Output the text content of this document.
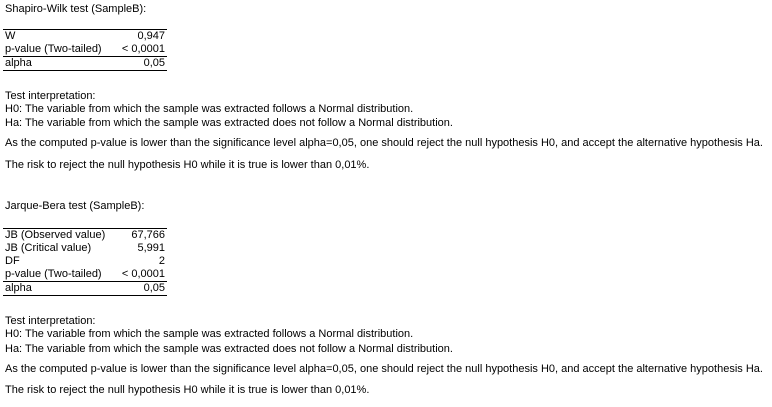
Shapiro-Wilk test (SampleB):
W	0,947
p-value (Two-tailed) < 0,0001
alpha	0,05
Test interpretation:
H0: The variable from which the sample was extracted follows a Normal distribution.
Ha: The variable from which the sample was extracted does not follow a Normal distribution.
As the computed p-value is lower than the significance level alpha=0,05, one should reject the null hypothesis H0, and accept the alternative hypothesis Ha.
The risk to reject the null hypothesis H0 while it is true is lower than 0,01%.
Jarque-Bera test (SampleB):
JB (Observed value) 67,766
JB (Critical value)	5,991
DF	2
p-value (Two-tailed) < 0,0001
alpha	0,05
Test interpretation:
H0: The variable from which the sample was extracted follows a Normal distribution.
Ha: The variable from which the sample was extracted does not follow a Normal distribution.
As the computed p-value is lower than the significance level alpha=0,05, one should reject the null hypothesis H0, and accept the alternative hypothesis Ha.
The risk to reject the null hypothesis H0 while it is true is lower than 0,01%.
